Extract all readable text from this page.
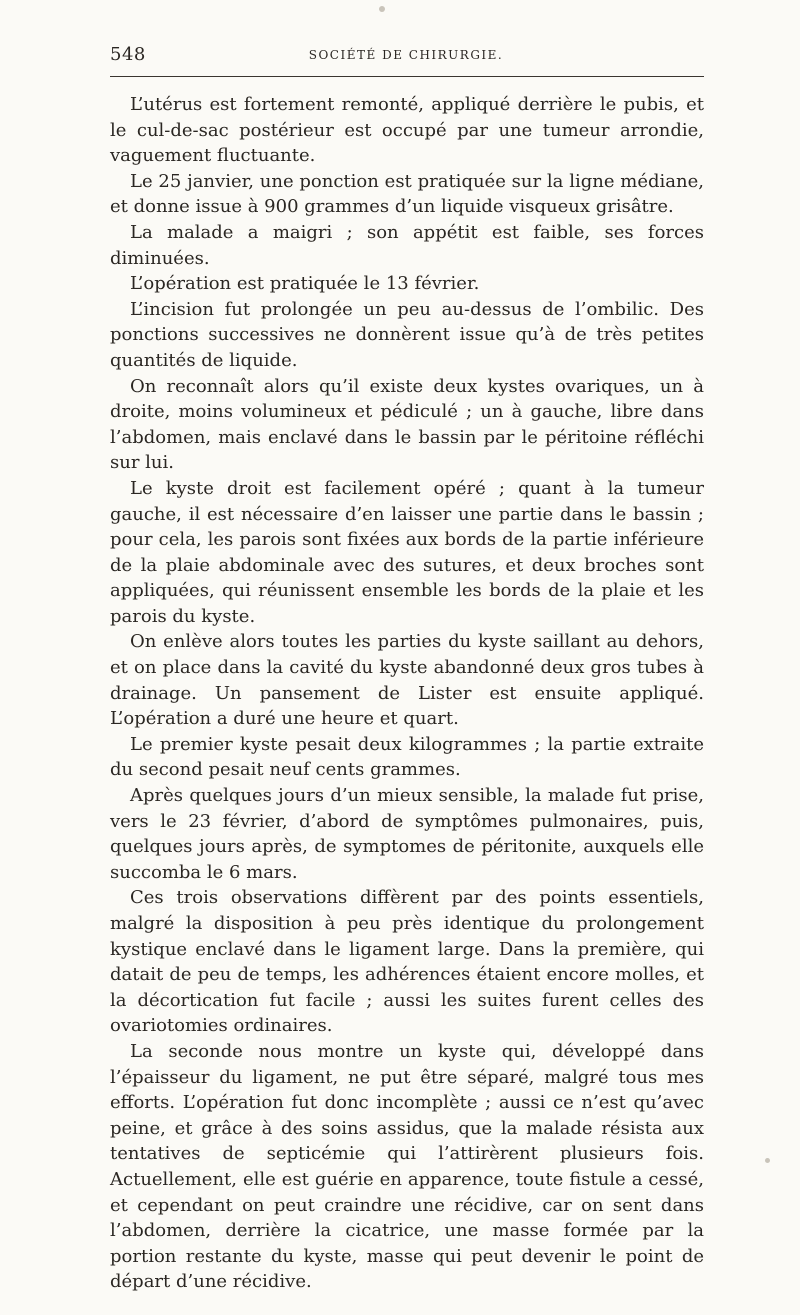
548	SOCIÉTÉ DE CHIRURGIE.

L’utérus est fortement remonté, appliqué derrière le pubis, et le cul-de-sac postérieur est occupé par une tumeur arrondie, vaguement fluctuante.

Le 25 janvier, une ponction est pratiquée sur la ligne médiane, et donne issue à 900 grammes d’un liquide visqueux grisâtre.

La malade a maigri ; son appétit est faible, ses forces diminuées.

L’opération est pratiquée le 13 février.

L’incision fut prolongée un peu au-dessus de l’ombilic. Des ponctions successives ne donnèrent issue qu’à de très petites quantités de liquide.

On reconnaît alors qu’il existe deux kystes ovariques, un à droite, moins volumineux et pédiculé ; un à gauche, libre dans l’abdomen, mais enclavé dans le bassin par le péritoine réfléchi sur lui.

Le kyste droit est facilement opéré ; quant à la tumeur gauche, il est nécessaire d’en laisser une partie dans le bassin ; pour cela, les parois sont fixées aux bords de la partie inférieure de la plaie abdominale avec des sutures, et deux broches sont appliquées, qui réunissent ensemble les bords de la plaie et les parois du kyste.

On enlève alors toutes les parties du kyste saillant au dehors, et on place dans la cavité du kyste abandonné deux gros tubes à drainage. Un pansement de Lister est ensuite appliqué. L’opération a duré une heure et quart.

Le premier kyste pesait deux kilogrammes ; la partie extraite du second pesait neuf cents grammes.

Après quelques jours d’un mieux sensible, la malade fut prise, vers le 23 février, d’abord de symptômes pulmonaires, puis, quelques jours après, de symptomes de péritonite, auxquels elle succomba le 6 mars.

Ces trois observations diffèrent par des points essentiels, malgré la disposition à peu près identique du prolongement kystique enclavé dans le ligament large. Dans la première, qui datait de peu de temps, les adhérences étaient encore molles, et la décortication fut facile ; aussi les suites furent celles des ovariotomies ordinaires.

La seconde nous montre un kyste qui, développé dans l’épaisseur du ligament, ne put être séparé, malgré tous mes efforts. L’opération fut donc incomplète ; aussi ce n’est qu’avec peine, et grâce à des soins assidus, que la malade résista aux tentatives de septicémie qui l’attirèrent plusieurs fois. Actuellement, elle est guérie en apparence, toute fistule a cessé, et cependant on peut craindre une récidive, car on sent dans l’abdomen, derrière la cicatrice, une masse formée par la portion restante du kyste, masse qui peut devenir le point de départ d’une récidive.
